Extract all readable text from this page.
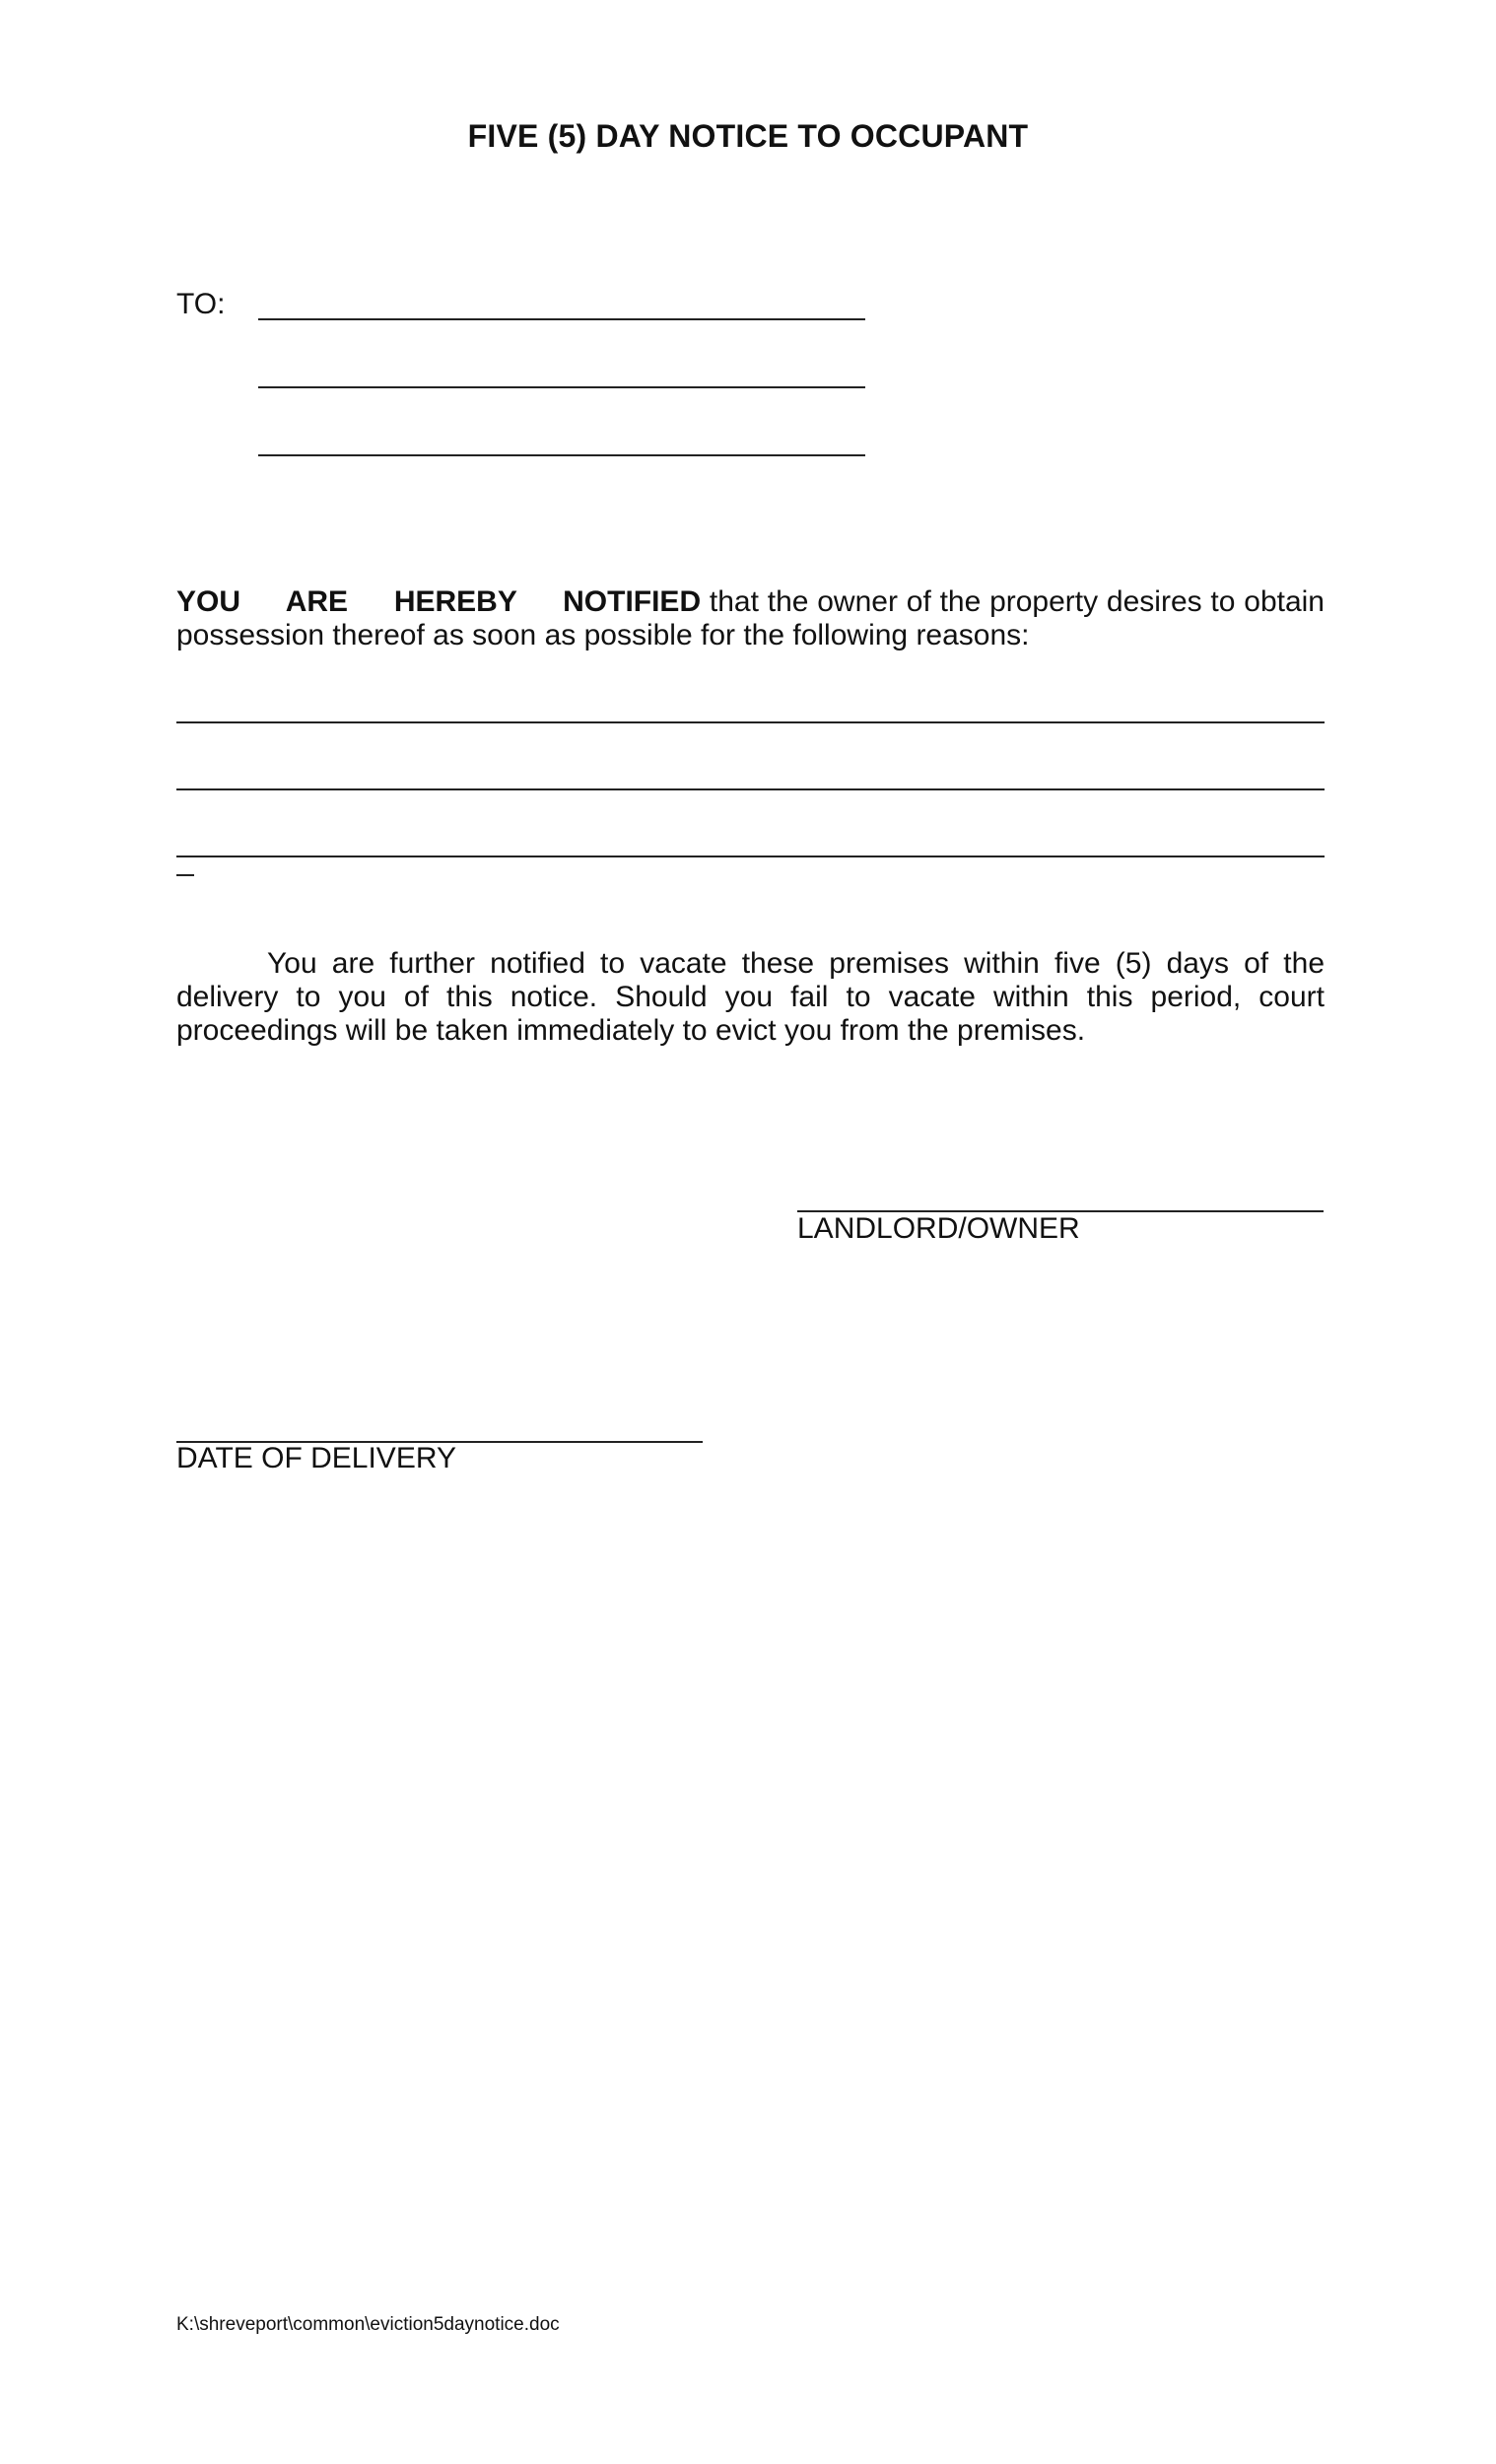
FIVE (5) DAY NOTICE TO OCCUPANT
TO:
YOU ARE HEREBY NOTIFIED that the owner of the property desires to obtain possession thereof as soon as possible for the following reasons:
You are further notified to vacate these premises within five (5) days of the delivery to you of this notice. Should you fail to vacate within this period, court proceedings will be taken immediately to evict you from the premises.
LANDLORD/OWNER
DATE OF DELIVERY
K:\shreveport\common\eviction5daynotice.doc
